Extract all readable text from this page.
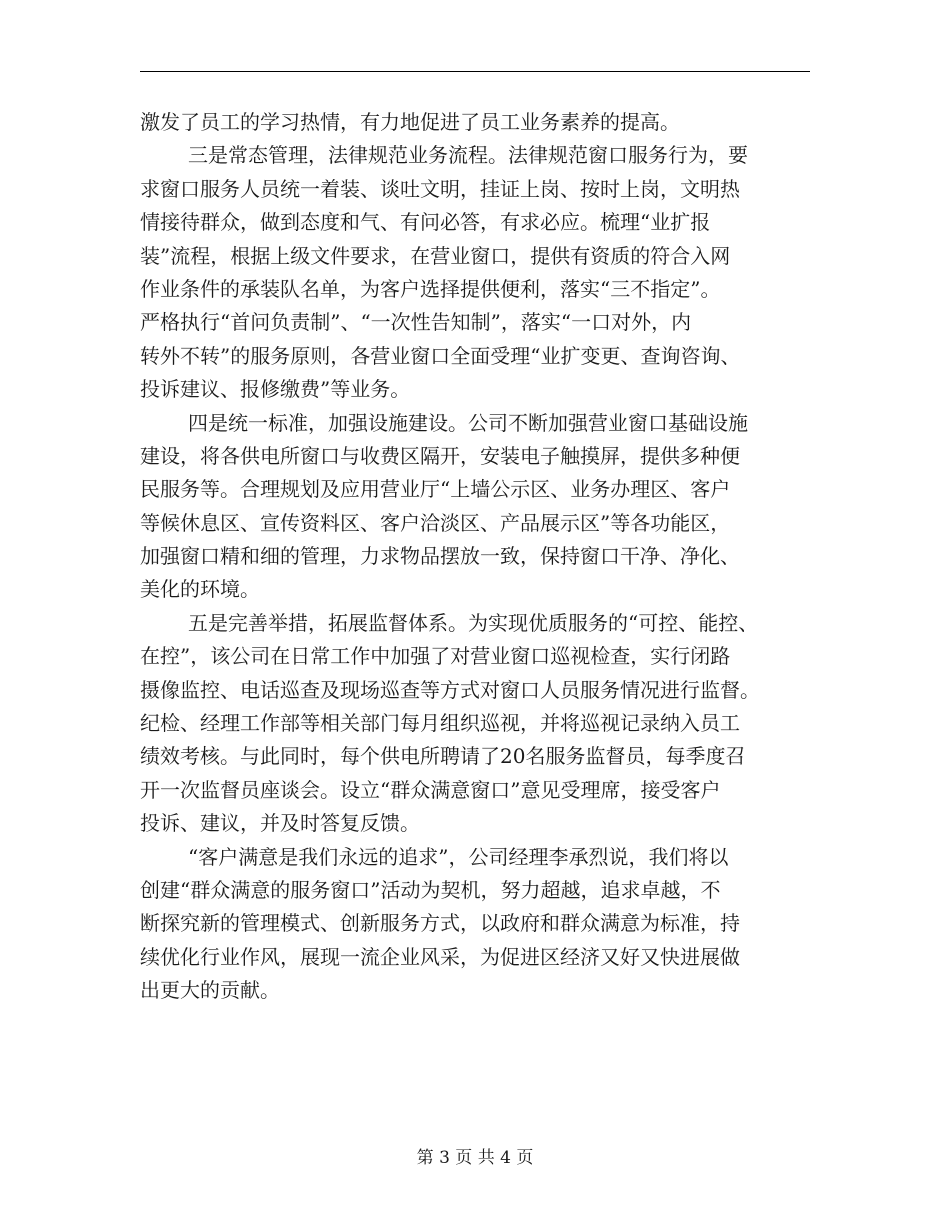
激发了员工的学习热情，有力地促进了员工业务素养的提高。
三是常态管理，法律规范业务流程。法律规范窗口服务行为，要
求窗口服务人员统一着装、谈吐文明，挂证上岗、按时上岗，文明热
情接待群众，做到态度和气、有问必答，有求必应。梳理“业扩报
装”流程，根据上级文件要求，在营业窗口，提供有资质的符合入网
作业条件的承装队名单，为客户选择提供便利，落实“三不指定”。
严格执行“首问负责制”、“一次性告知制”，落实“一口对外，内
转外不转”的服务原则，各营业窗口全面受理“业扩变更、查询咨询、
投诉建议、报修缴费”等业务。
四是统一标准，加强设施建设。公司不断加强营业窗口基础设施
建设，将各供电所窗口与收费区隔开，安装电子触摸屏，提供多种便
民服务等。合理规划及应用营业厅“上墙公示区、业务办理区、客户
等候休息区、宣传资料区、客户洽淡区、产品展示区”等各功能区，
加强窗口精和细的管理，力求物品摆放一致，保持窗口干净、净化、
美化的环境。
五是完善举措，拓展监督体系。为实现优质服务的“可控、能控、
在控”，该公司在日常工作中加强了对营业窗口巡视检查，实行闭路
摄像监控、电话巡查及现场巡查等方式对窗口人员服务情况进行监督。
纪检、经理工作部等相关部门每月组织巡视，并将巡视记录纳入员工
绩效考核。与此同时，每个供电所聘请了20名服务监督员，每季度召
开一次监督员座谈会。设立“群众满意窗口”意见受理席，接受客户
投诉、建议，并及时答复反馈。
“客户满意是我们永远的追求”，公司经理李承烈说，我们将以
创建“群众满意的服务窗口”活动为契机，努力超越，追求卓越，不
断探究新的管理模式、创新服务方式，以政府和群众满意为标准，持
续优化行业作风，展现一流企业风采，为促进区经济又好又快进展做
出更大的贡献。
第 3 页 共 4 页
